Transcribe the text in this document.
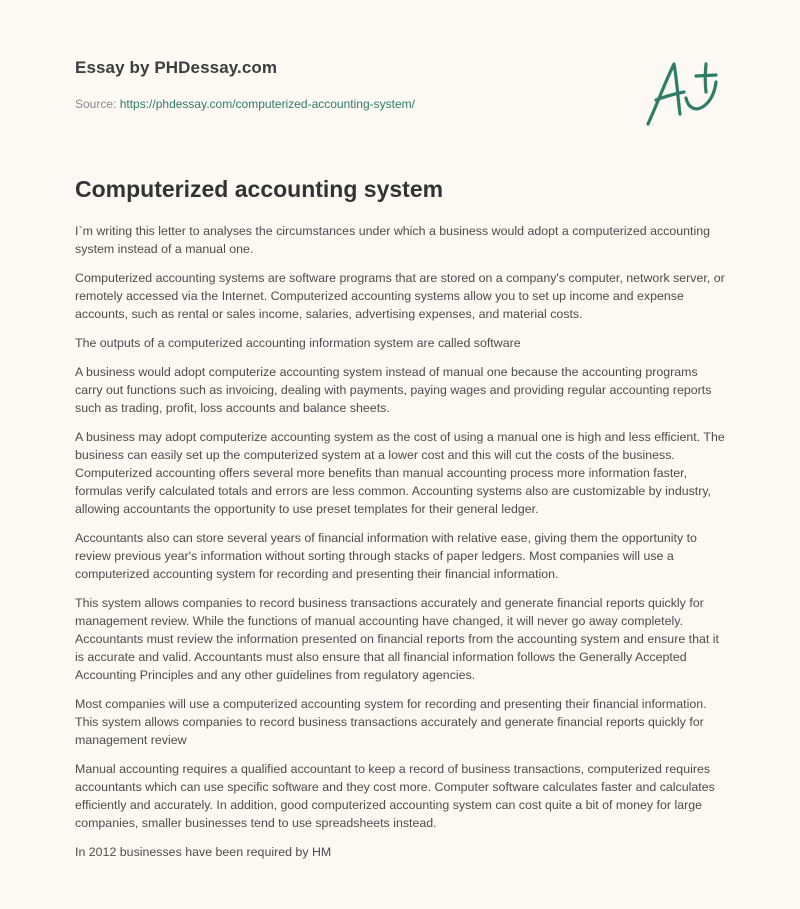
Essay by PHDessay.com

Source: https://phdessay.com/computerized-accounting-system/
Computerized accounting system

I`m writing this letter to analyses the circumstances under which a business would adopt a computerized accounting system instead of a manual one.

Computerized accounting systems are software programs that are stored on a company's computer, network server, or remotely accessed via the Internet. Computerized accounting systems allow you to set up income and expense accounts, such as rental or sales income, salaries, advertising expenses, and material costs.

The outputs of a computerized accounting information system are called software

A business would adopt computerize accounting system instead of manual one because the accounting programs carry out functions such as invoicing, dealing with payments, paying wages and providing regular accounting reports such as trading, profit, loss accounts and balance sheets.

A business may adopt computerize accounting system as the cost of using a manual one is high and less efficient. The business can easily set up the computerized system at a lower cost and this will cut the costs of the business. Computerized accounting offers several more benefits than manual accounting process more information faster, formulas verify calculated totals and errors are less common. Accounting systems also are customizable by industry, allowing accountants the opportunity to use preset templates for their general ledger.

Accountants also can store several years of financial information with relative ease, giving them the opportunity to review previous year's information without sorting through stacks of paper ledgers. Most companies will use a computerized accounting system for recording and presenting their financial information.

This system allows companies to record business transactions accurately and generate financial reports quickly for management review. While the functions of manual accounting have changed, it will never go away completely. Accountants must review the information presented on financial reports from the accounting system and ensure that it is accurate and valid. Accountants must also ensure that all financial information follows the Generally Accepted Accounting Principles and any other guidelines from regulatory agencies.

Most companies will use a computerized accounting system for recording and presenting their financial information. This system allows companies to record business transactions accurately and generate financial reports quickly for management review

Manual accounting requires a qualified accountant to keep a record of business transactions, computerized requires accountants which can use specific software and they cost more. Computer software calculates faster and calculates efficiently and accurately. In addition, good computerized accounting system can cost quite a bit of money for large companies, smaller businesses tend to use spreadsheets instead.

In 2012 businesses have been required by HM
